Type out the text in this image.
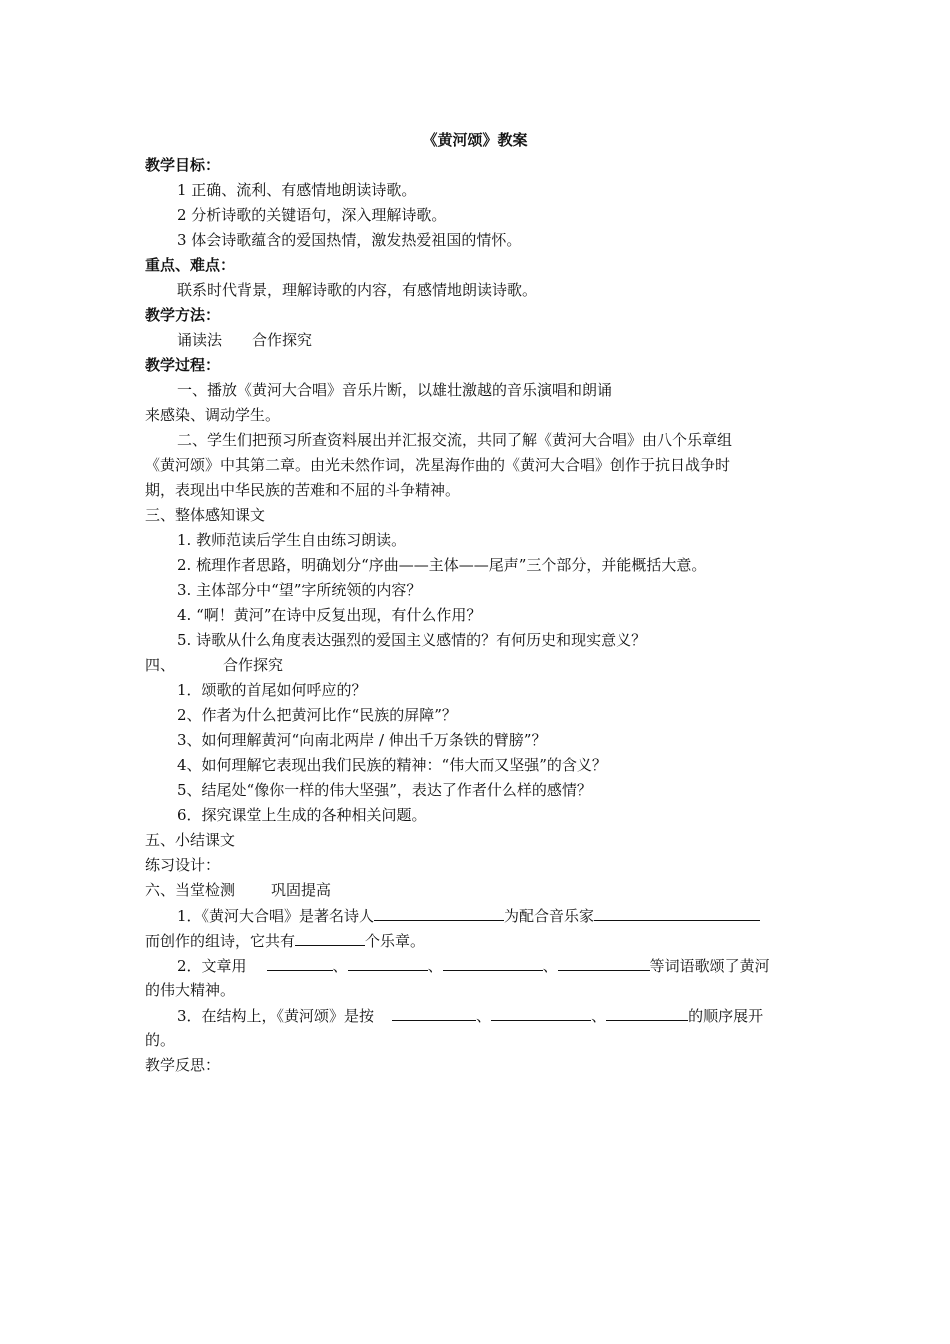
《黄河颂》教案
教学目标：
1 正确、流利、有感情地朗读诗歌。
2 分析诗歌的关键语句，深入理解诗歌。
3 体会诗歌蕴含的爱国热情，激发热爱祖国的情怀。
重点、难点：
联系时代背景，理解诗歌的内容，有感情地朗读诗歌。
教学方法：
诵读法 合作探究
教学过程：
一、播放《黄河大合唱》音乐片断，以雄壮激越的音乐演唱和朗诵
来感染、调动学生。
二、学生们把预习所查资料展出并汇报交流，共同了解《黄河大合唱》由八个乐章组
《黄河颂》中其第二章。由光未然作词，冼星海作曲的《黄河大合唱》创作于抗日战争时
期，表现出中华民族的苦难和不屈的斗争精神。
三、整体感知课文
1. 教师范读后学生自由练习朗读。
2. 梳理作者思路，明确划分“序曲——主体——尾声”三个部分，并能概括大意。
3. 主体部分中“望”字所统领的内容？
4. “啊！黄河”在诗中反复出现，有什么作用？
5. 诗歌从什么角度表达强烈的爱国主义感情的？有何历史和现实意义？
四、	合作探究
1．颂歌的首尾如何呼应的？
2、作者为什么把黄河比作“民族的屏障”？
3、如何理解黄河“向南北两岸 / 伸出千万条铁的臂膀”？
4、如何理解它表现出我们民族的精神：“伟大而又坚强”的含义？
5、结尾处“像你一样的伟大坚强”，表达了作者什么样的感情？
6．探究课堂上生成的各种相关问题。
五、小结课文
练习设计：
六、当堂检测 巩固提高
1．《黄河大合唱》是著名诗人	为配合音乐家
而创作的组诗，它共有	个乐章。
2．文章用	、	、	、	等词语歌颂了黄河
的伟大精神。
3．在结构上，《黄河颂》是按	、	、	的顺序展开
的。
教学反思：
